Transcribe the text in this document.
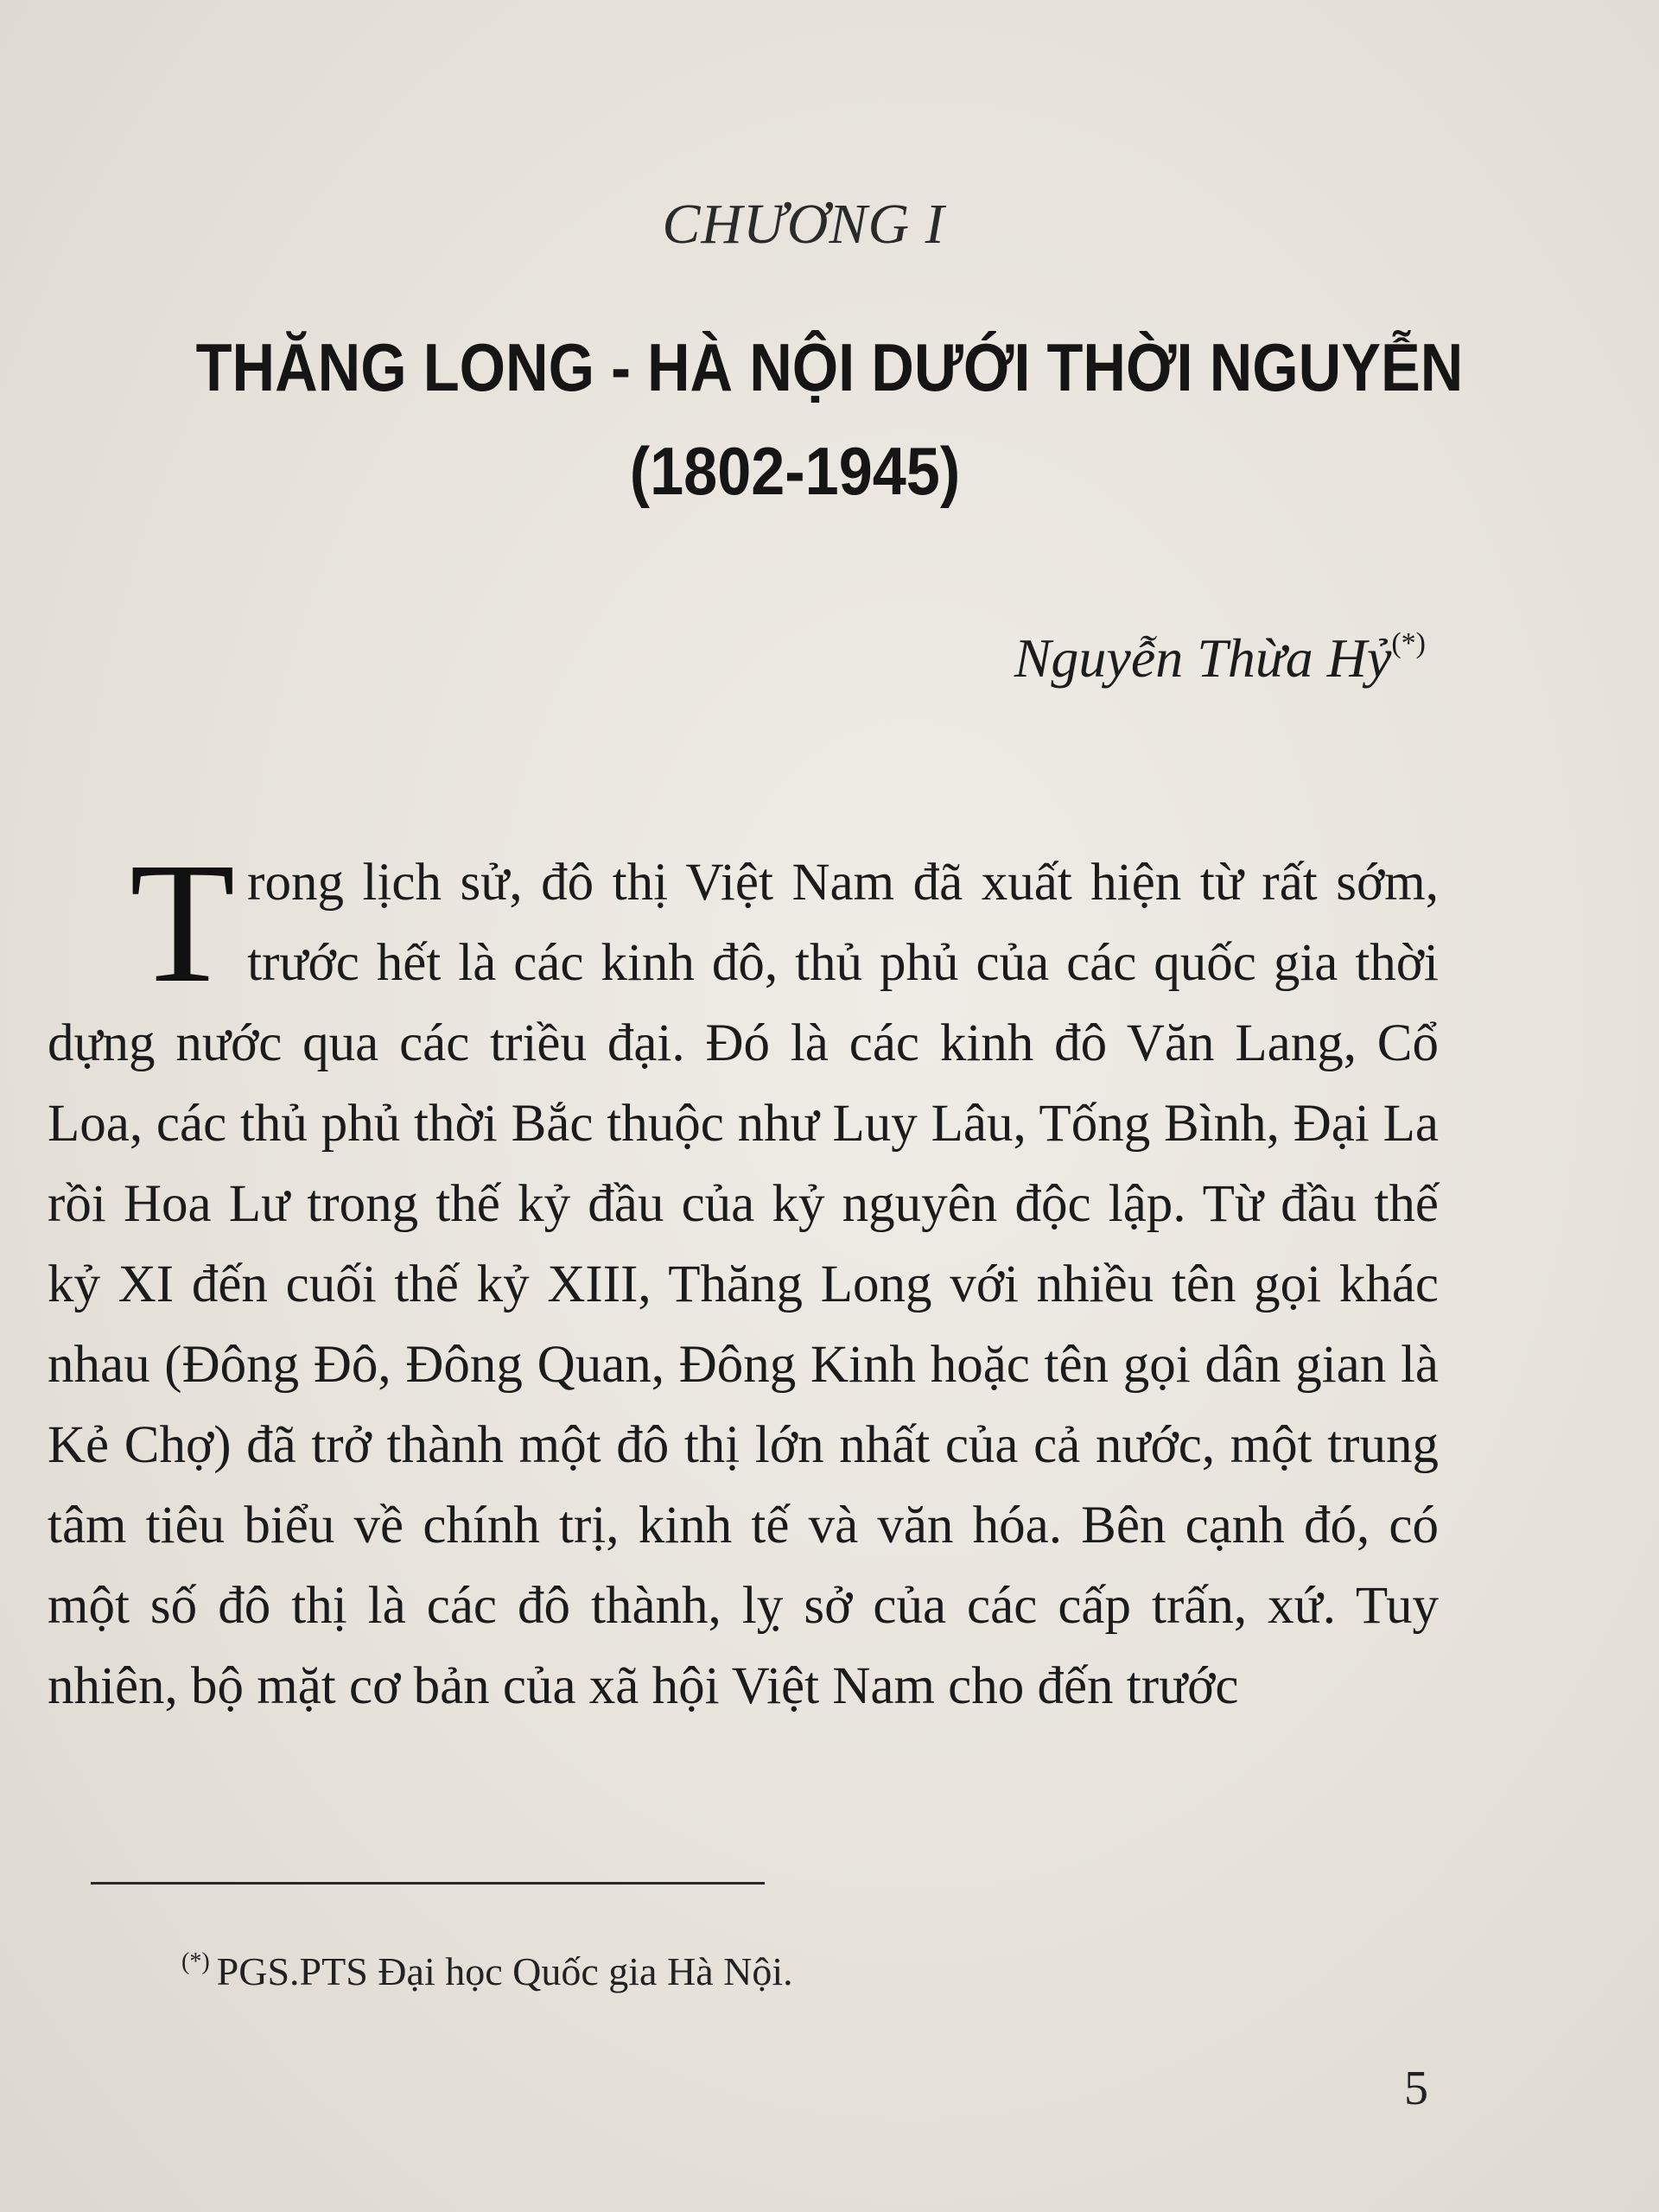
CHƯƠNG I
THĂNG LONG - HÀ NỘI DƯỚI THỜI NGUYỄN
(1802-1945)
Nguyễn Thừa Hỷ(*)
Trong lịch sử, đô thị Việt Nam đã xuất hiện từ rất sớm, trước hết là các kinh đô, thủ phủ của các quốc gia thời dựng nước qua các triều đại. Đó là các kinh đô Văn Lang, Cổ Loa, các thủ phủ thời Bắc thuộc như Luy Lâu, Tống Bình, Đại La rồi Hoa Lư trong thế kỷ đầu của kỷ nguyên độc lập. Từ đầu thế kỷ XI đến cuối thế kỷ XIII, Thăng Long với nhiều tên gọi khác nhau (Đông Đô, Đông Quan, Đông Kinh hoặc tên gọi dân gian là Kẻ Chợ) đã trở thành một đô thị lớn nhất của cả nước, một trung tâm tiêu biểu về chính trị, kinh tế và văn hóa. Bên cạnh đó, có một số đô thị là các đô thành, lỵ sở của các cấp trấn, xứ. Tuy nhiên, bộ mặt cơ bản của xã hội Việt Nam cho đến trước
(*) PGS.PTS Đại học Quốc gia Hà Nội.
5
